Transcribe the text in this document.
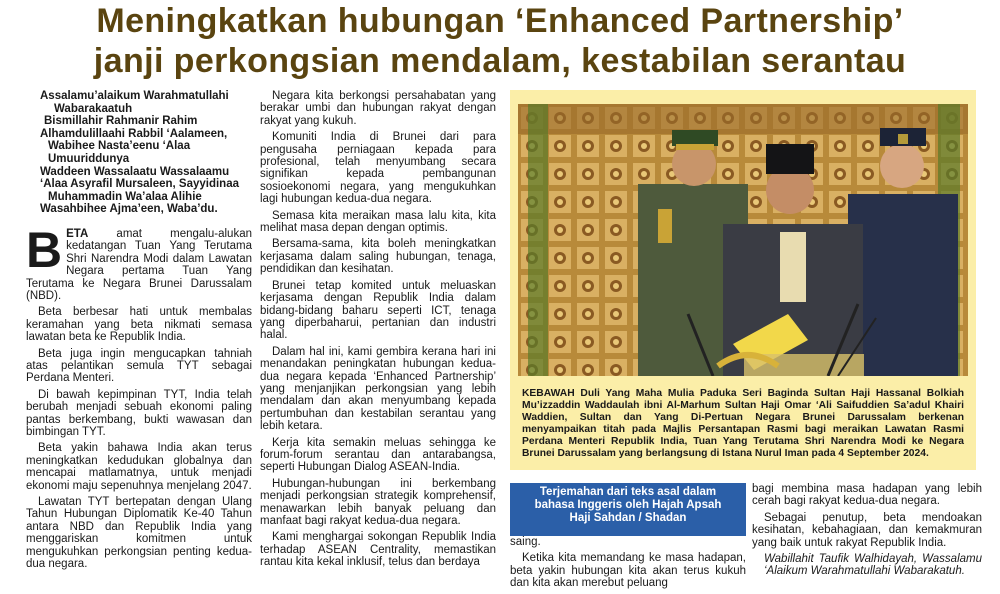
Meningkatkan hubungan ‘Enhanced Partnership’
janji perkongsian mendalam, kestabilan serantau
Assalamu’alaikum Warahmatullahi
Wabarakaatuh
Bismillahir Rahmanir Rahim
Alhamdulillaahi Rabbil ‘Aalameen,
Wabihee Nasta’eenu ‘Alaa
Umuuriddunya
Waddeen Wassalaatu Wassalaamu
‘Alaa Asyrafil Mursaleen, Sayyidinaa
Muhammadin Wa’alaa Alihie
Wasahbihee Ajma’een, Waba’du.
B ETA amat mengalu-alukan kedatangan Tuan Yang Terutama Shri Narendra Modi dalam Lawatan Negara pertama Tuan Yang Terutama ke Negara Brunei Darussalam (NBD).

Beta berbesar hati untuk membalas keramahan yang beta nikmati semasa lawatan beta ke Republik India.

Beta juga ingin mengucapkan tahniah atas pelantikan semula TYT sebagai Perdana Menteri.

Di bawah kepimpinan TYT, India telah berubah menjadi sebuah ekonomi paling pantas berkembang, bukti wawasan dan bimbingan TYT.

Beta yakin bahawa India akan terus meningkatkan kedudukan globalnya dan mencapai matlamatnya, untuk menjadi ekonomi maju sepenuhnya menjelang 2047.

Lawatan TYT bertepatan dengan Ulang Tahun Hubungan Diplomatik Ke-40 Tahun antara NBD dan Republik India yang menggariskan komitmen untuk mengukuhkan perkongsian penting kedua-dua negara.

Negara kita berkongsi persahabatan yang berakar umbi dan hubungan rakyat dengan rakyat yang kukuh.

Komuniti India di Brunei dari para pengusaha perniagaan kepada para profesional, telah menyumbang secara signifikan kepada pembangunan sosioekonomi negara, yang mengukuhkan lagi hubungan kedua-dua negara.

Semasa kita meraikan masa lalu kita, kita melihat masa depan dengan optimis.

Bersama-sama, kita boleh meningkatkan kerjasama dalam saling hubungan, tenaga, pendidikan dan kesihatan.

Brunei tetap komited untuk meluaskan kerjasama dengan Republik India dalam bidang-bidang baharu seperti ICT, tenaga yang diperbaharui, pertanian dan industri halal.

Dalam hal ini, kami gembira kerana hari ini menandakan peningkatan hubungan kedua-dua negara kepada ‘Enhanced Partnership’ yang menjanjikan perkongsian yang lebih mendalam dan akan menyumbang kepada pertumbuhan dan kestabilan serantau yang lebih ketara.

Kerja kita semakin meluas sehingga ke forum-forum serantau dan antarabangsa, seperti Hubungan Dialog ASEAN-India.

Hubungan-hubungan ini berkembang menjadi perkongsian strategik komprehensif, menawarkan lebih banyak peluang dan manfaat bagi rakyat kedua-dua negara.

Kami menghargai sokongan Republik India terhadap ASEAN Centrality, memastikan rantau kita kekal inklusif, telus dan berdaya

KEBAWAH Duli Yang Maha Mulia Paduka Seri Baginda Sultan Haji Hassanal Bolkiah Mu’izzaddin Waddaulah ibni Al-Marhum Sultan Haji Omar ‘Ali Saifuddien Sa’adul Khairi Waddien, Sultan dan Yang Di-Pertuan Negara Brunei Darussalam berkenan menyampaikan titah pada Majlis Persantapan Rasmi bagi meraikan Lawatan Rasmi Perdana Menteri Republik India, Tuan Yang Terutama Shri Narendra Modi ke Negara Brunei Darussalam yang berlangsung di Istana Nurul Iman pada 4 September 2024.
Terjemahan dari teks asal dalam
bahasa Inggeris oleh Hajah Apsah
Haji Sahdan / Shadan

saing.

Ketika kita memandang ke masa hadapan, beta yakin hubungan kita akan terus kukuh dan kita akan merebut peluang

bagi membina masa hadapan yang lebih cerah bagi rakyat kedua-dua negara.

Sebagai penutup, beta mendoakan kesihatan, kebahagiaan, dan kemakmuran yang baik untuk rakyat Republik India.

Wabillahit Taufik Walhidayah, Wassalamu ‘Alaikum Warahmatullahi Wabarakatuh.
